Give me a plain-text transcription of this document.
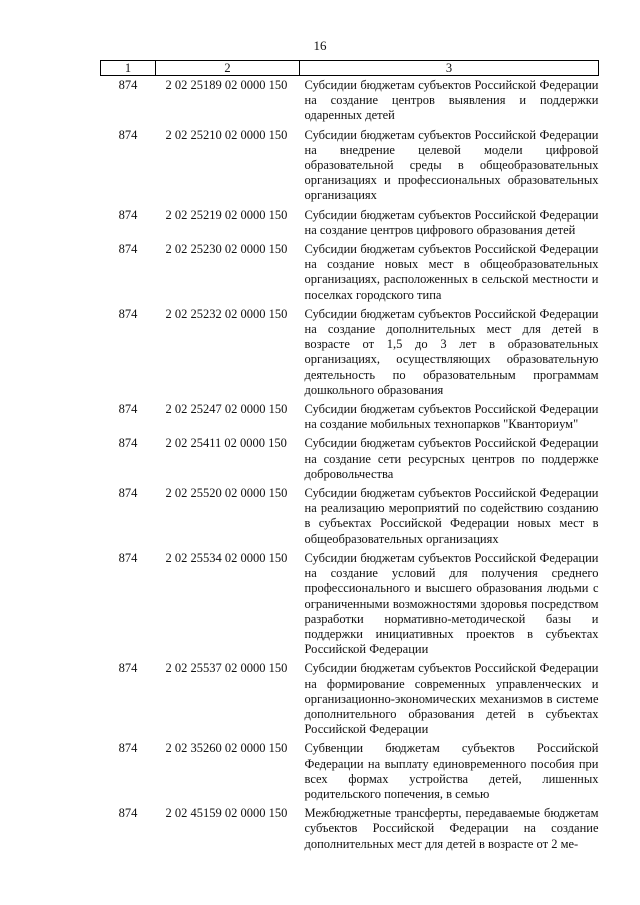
16
1	2	3
874	2 02 25189 02 0000 150	Субсидии бюджетам субъектов Российской Федерации на создание центров выявления и поддержки одаренных детей
874	2 02 25210 02 0000 150	Субсидии бюджетам субъектов Российской Федерации на внедрение целевой модели цифровой образовательной среды в общеобразовательных организациях и профессиональных образовательных организациях
874	2 02 25219 02 0000 150	Субсидии бюджетам субъектов Российской Федерации на создание центров цифрового образования детей
874	2 02 25230 02 0000 150	Субсидии бюджетам субъектов Российской Федерации на создание новых мест в общеобразовательных организациях, расположенных в сельской местности и поселках городского типа
874	2 02 25232 02 0000 150	Субсидии бюджетам субъектов Российской Федерации на создание дополнительных мест для детей в возрасте от 1,5 до 3 лет в образовательных организациях, осуществляющих образовательную деятельность по образовательным программам дошкольного образования
874	2 02 25247 02 0000 150	Субсидии бюджетам субъектов Российской Федерации на создание мобильных технопарков "Кванториум"
874	2 02 25411 02 0000 150	Субсидии бюджетам субъектов Российской Федерации на создание сети ресурсных центров по поддержке добровольчества
874	2 02 25520 02 0000 150	Субсидии бюджетам субъектов Российской Федерации на реализацию мероприятий по содействию созданию в субъектах Российской Федерации новых мест в общеобразовательных организациях
874	2 02 25534 02 0000 150	Субсидии бюджетам субъектов Российской Федерации на создание условий для получения среднего профессионального и высшего образования людьми с ограниченными возможностями здоровья посредством разработки нормативно-методической базы и поддержки инициативных проектов в субъектах Российской Федерации
874	2 02 25537 02 0000 150	Субсидии бюджетам субъектов Российской Федерации на формирование современных управленческих и организационно-экономических механизмов в системе дополнительного образования детей в субъектах Российской Федерации
874	2 02 35260 02 0000 150	Субвенции бюджетам субъектов Российской Федерации на выплату единовременного пособия при всех формах устройства детей, лишенных родительского попечения, в семью
874	2 02 45159 02 0000 150	Межбюджетные трансферты, передаваемые бюджетам субъектов Российской Федерации на создание дополнительных мест для детей в возрасте от 2 ме-
